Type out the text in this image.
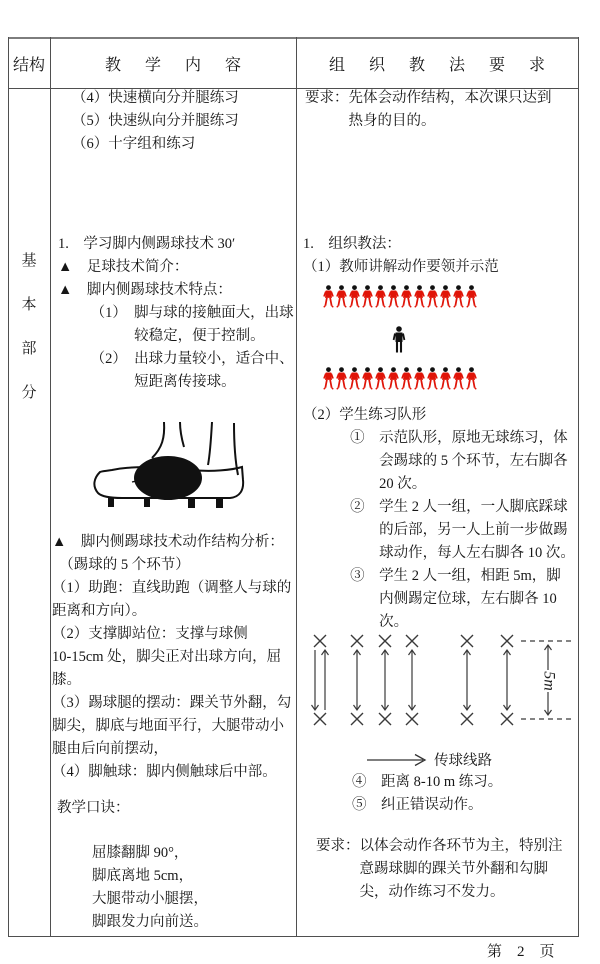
结构	教 学 内 容	组 织 教 法 要 求
基
本
部
分
（4）快速横向分并腿练习
（5）快速纵向分并腿练习
（6）十字组和练习
1.　学习脚内侧踢球技术 30′
▲　足球技术简介：
▲　脚内侧踢球技术特点：
　　 （1）　脚与球的接触面大，出球
　　　　　 较稳定，便于控制。
　　 （2）　出球力量较小，适合中、
　　　　　 短距离传接球。
▲　脚内侧踢球技术动作结构分析：
　（踢球的 5 个环节）
（1）助跑：直线助跑（调整人与球的
距离和方向）。
（2）支撑脚站位：支撑与球侧
10-15cm 处，脚尖正对出球方向，屈
膝。
（3）踢球腿的摆动：踝关节外翻，勾
脚尖，脚底与地面平行，大腿带动小
腿由后向前摆动，
（4）脚触球：脚内侧触球后中部。
教学口诀：
屈膝翻脚 90°，
脚底离地 5cm，
大腿带动小腿摆，
脚跟发力向前送。
要求：先体会动作结构，本次课只达到
　　　热身的目的。
1.　组织教法：
（1）教师讲解动作要领并示范
（2）学生练习队形
　　　 ①　示范队形，原地无球练习，体
　　　　　 会踢球的 5 个环节，左右脚各
　　　　　 20 次。
　　　 ②　学生 2 人一组，一人脚底踩球
　　　　　 的后部，另一人上前一步做踢
　　　　　 球动作，每人左右脚各 10 次。
　　　 ③　学生 2 人一组，相距 5m，脚
　　　　　 内侧踢定位球，左右脚各 10
　　　　　 次。
5m
传球线路
④　距离 8-10 m 练习。
⑤　纠正错误动作。
要求：以体会动作各环节为主，特别注
　　　意踢球脚的踝关节外翻和勾脚
　　　尖，动作练习不发力。
第　2　页
